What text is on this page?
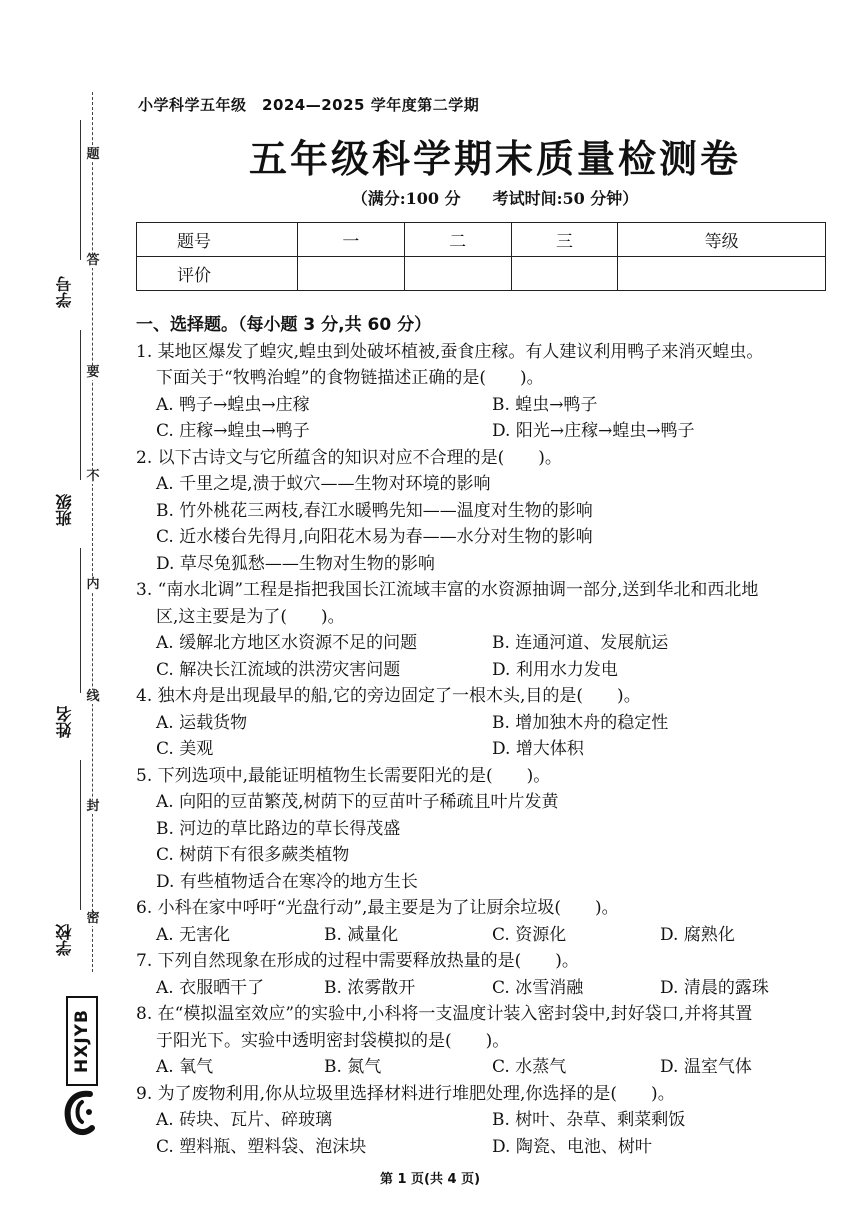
题
答
要
不
内
线
封
密
学号
班级
姓名
学校
HXJYB
小学科学五年级　2024—2025 学年度第二学期
五年级科学期末质量检测卷
（满分:100 分　　考试时间:50 分钟）
题号	一	二	三	等级
评价				
一、选择题。（每小题 3 分,共 60 分）
1. 某地区爆发了蝗灾,蝗虫到处破坏植被,蚕食庄稼。有人建议利用鸭子来消灭蝗虫。
下面关于“牧鸭治蝗”的食物链描述正确的是(　　)。
A. 鸭子→蝗虫→庄稼	B. 蝗虫→鸭子
C. 庄稼→蝗虫→鸭子	D. 阳光→庄稼→蝗虫→鸭子
2. 以下古诗文与它所蕴含的知识对应不合理的是(　　)。
A. 千里之堤,溃于蚁穴——生物对环境的影响
B. 竹外桃花三两枝,春江水暖鸭先知——温度对生物的影响
C. 近水楼台先得月,向阳花木易为春——水分对生物的影响
D. 草尽兔狐愁——生物对生物的影响
3. “南水北调”工程是指把我国长江流域丰富的水资源抽调一部分,送到华北和西北地
区,这主要是为了(　　)。
A. 缓解北方地区水资源不足的问题	B. 连通河道、发展航运
C. 解决长江流域的洪涝灾害问题	D. 利用水力发电
4. 独木舟是出现最早的船,它的旁边固定了一根木头,目的是(　　)。
A. 运载货物	B. 增加独木舟的稳定性
C. 美观	D. 增大体积
5. 下列选项中,最能证明植物生长需要阳光的是(　　)。
A. 向阳的豆苗繁茂,树荫下的豆苗叶子稀疏且叶片发黄
B. 河边的草比路边的草长得茂盛
C. 树荫下有很多蕨类植物
D. 有些植物适合在寒冷的地方生长
6. 小科在家中呼吁“光盘行动”,最主要是为了让厨余垃圾(　　)。
A. 无害化	B. 减量化	C. 资源化	D. 腐熟化
7. 下列自然现象在形成的过程中需要释放热量的是(　　)。
A. 衣服晒干了	B. 浓雾散开	C. 冰雪消融	D. 清晨的露珠
8. 在“模拟温室效应”的实验中,小科将一支温度计装入密封袋中,封好袋口,并将其置
于阳光下。实验中透明密封袋模拟的是(　　)。
A. 氧气	B. 氮气	C. 水蒸气	D. 温室气体
9. 为了废物利用,你从垃圾里选择材料进行堆肥处理,你选择的是(　　)。
A. 砖块、瓦片、碎玻璃	B. 树叶、杂草、剩菜剩饭
C. 塑料瓶、塑料袋、泡沫块	D. 陶瓷、电池、树叶
第 1 页(共 4 页)
